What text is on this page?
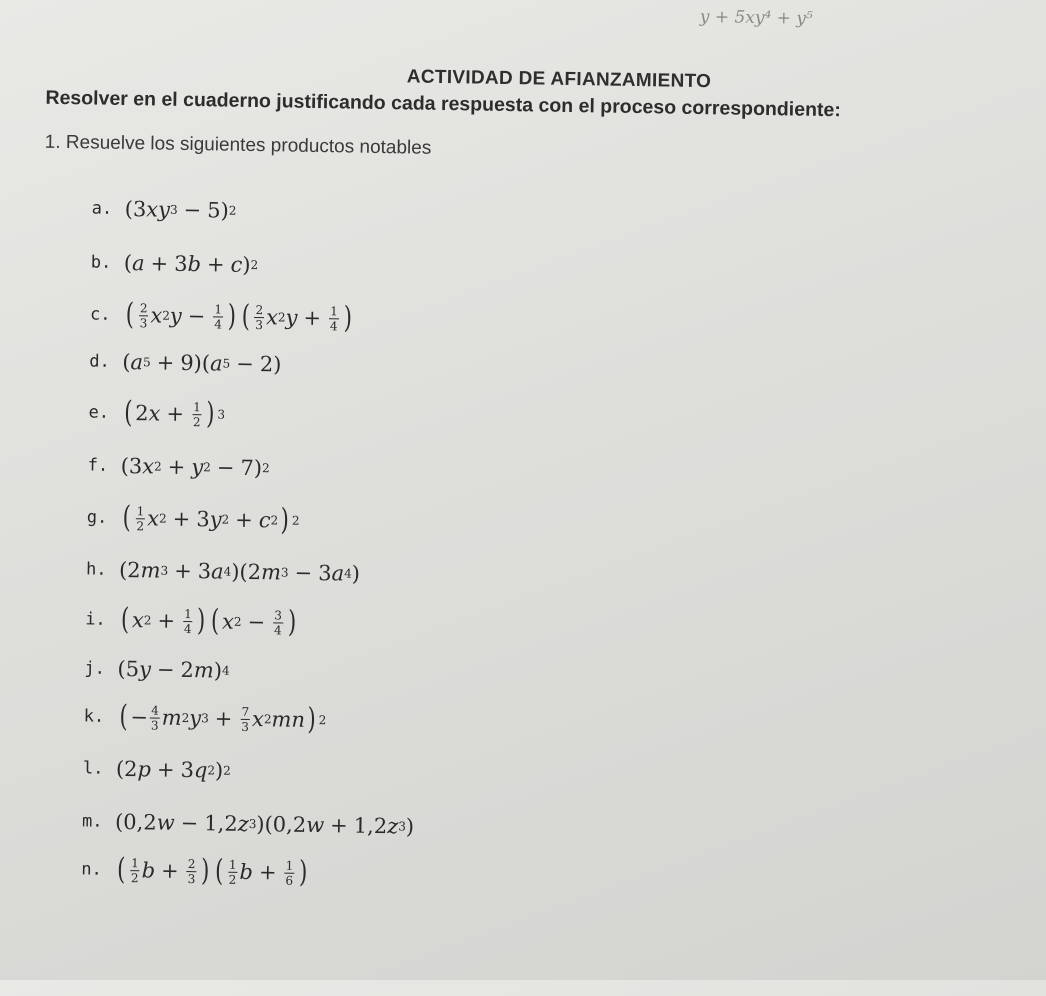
y + 5xy⁴ + y⁵
ACTIVIDAD DE AFIANZAMIENTO
Resolver en el cuaderno justificando cada respuesta con el proceso correspondiente:
1. Resuelve los siguientes productos notables
a. (3 xy 3 − 5) 2
b. ( a + 3 b + c ) 2
c. ( 2
3 x 2 $y - \frac{1}{4}$ ) ( 2
3 x 2 $y + \frac{1}{4}$ )
d. ( a 5 + 9)( a 5 − 2)
e. ( 2 $x + \frac{1}{2}$ ) 3
f. (3 x 2 + y 2 − 7) 2
g. ( 1
2 x 2 + 3 y 2 + c 2 ) 2
h. (2 m 3 + 3 a 4 )(2 m 3 − 3 a 4 )
i. ( x $2 + \frac{1}{4}$ ) ( x $2 - \frac{3}{4}$ )
j. (5 y − 2 m ) 4
k. ( − 4
3 m 2 y $3 + \frac{7}{3}$ x 2 mn ) 2
l. (2 p + 3 q 2 ) 2
m. (0,2 w − 1,2 z 3 )(0,2 w + 1,2 z 3 )
n. ( 1
2 $b + \frac{2}{3}$ ) ( 1
2 $b + \frac{1}{6}$ )
